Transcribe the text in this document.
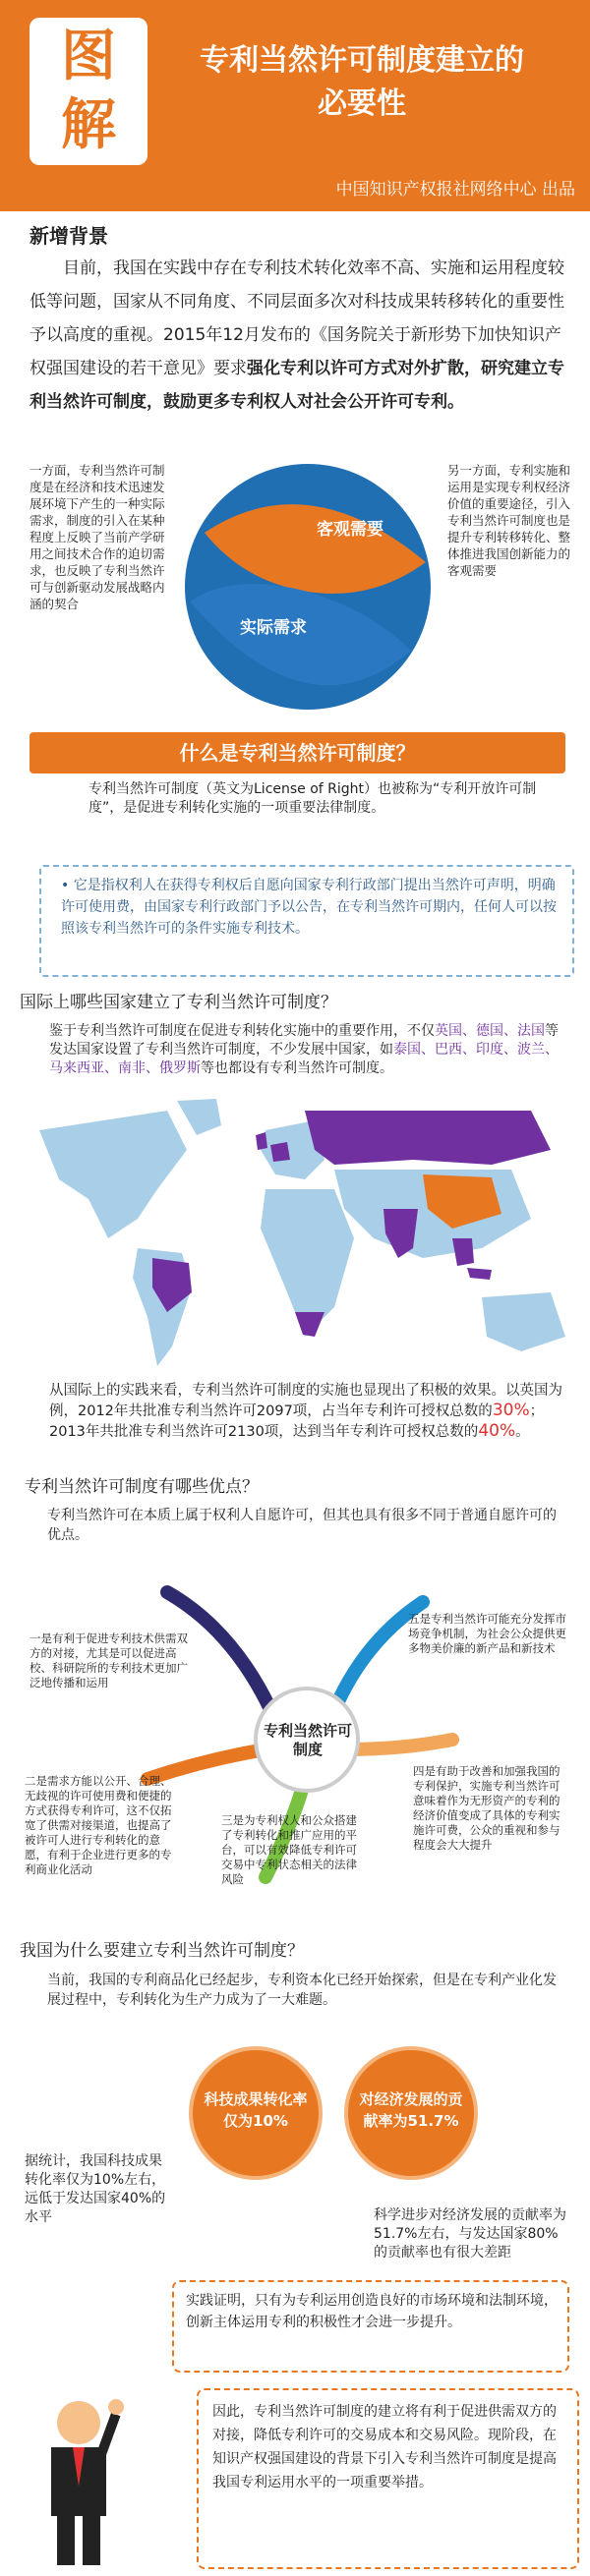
图
解
专利当然许可制度建立的
必要性
中国知识产权报社网络中心 出品
新增背景
目前，我国在实践中存在专利技术转化效率不高、实施和运用程度较低等问题，国家从不同角度、不同层面多次对科技成果转移转化的重要性予以高度的重视。2015年12月发布的《国务院关于新形势下加快知识产权强国建设的若干意见》要求强化专利以许可方式对外扩散，研究建立专利当然许可制度，鼓励更多专利权人对社会公开许可专利。
一方面，专利当然许可制度是在经济和技术迅速发展环境下产生的一种实际需求，制度的引入在某种程度上反映了当前产学研用之间技术合作的迫切需求，也反映了专利当然许可与创新驱动发展战略内涵的契合
另一方面，专利实施和运用是实现专利权经济价值的重要途径，引入专利当然许可制度也是提升专利转移转化、整体推进我国创新能力的客观需要
客观需要
实际需求
什么是专利当然许可制度？
专利当然许可制度（英文为License of Right）也被称为“专利开放许可制度”，是促进专利转化实施的一项重要法律制度。
• 它是指权利人在获得专利权后自愿向国家专利行政部门提出当然许可声明，明确许可使用费，由国家专利行政部门予以公告，在专利当然许可期内，任何人可以按照该专利当然许可的条件实施专利技术。
国际上哪些国家建立了专利当然许可制度？
鉴于专利当然许可制度在促进专利转化实施中的重要作用，不仅英国、德国、法国等发达国家设置了专利当然许可制度，不少发展中国家，如泰国、巴西、印度、波兰、马来西亚、南非、俄罗斯等也都设有专利当然许可制度。
从国际上的实践来看，专利当然许可制度的实施也显现出了积极的效果。以英国为例，2012年共批准专利当然许可2097项，占当年专利许可授权总数的30%；2013年共批准专利当然许可2130项，达到当年专利许可授权总数的40%。
专利当然许可制度有哪些优点？
专利当然许可在本质上属于权利人自愿许可，但其也具有很多不同于普通自愿许可的优点。
专利当然许可制度
一是有利于促进专利技术供需双方的对接，尤其是可以促进高校、科研院所的专利技术更加广泛地传播和运用
二是需求方能以公开、合理、无歧视的许可使用费和便捷的方式获得专利许可，这不仅拓宽了供需对接渠道，也提高了被许可人进行专利转化的意愿，有利于企业进行更多的专利商业化活动
三是为专利权人和公众搭建了专利转化和推广应用的平台，可以有效降低专利许可交易中专利状态相关的法律风险
四是有助于改善和加强我国的专利保护，实施专利当然许可意味着作为无形资产的专利的经济价值变成了具体的专利实施许可费，公众的重视和参与程度会大大提升
五是专利当然许可能充分发挥市场竞争机制，为社会公众提供更多物美价廉的新产品和新技术
我国为什么要建立专利当然许可制度？
当前，我国的专利商品化已经起步，专利资本化已经开始探索，但是在专利产业化发展过程中，专利转化为生产力成为了一大难题。
科技成果转化率仅为10%
对经济发展的贡献率为51.7%
据统计，我国科技成果转化率仅为10%左右，远低于发达国家40%的水平	科学进步对经济发展的贡献率为51.7%左右，与发达国家80%的贡献率也有很大差距
实践证明，只有为专利运用创造良好的市场环境和法制环境，创新主体运用专利的积极性才会进一步提升。
因此，专利当然许可制度的建立将有利于促进供需双方的对接，降低专利许可的交易成本和交易风险。现阶段，在知识产权强国建设的背景下引入专利当然许可制度是提高我国专利运用水平的一项重要举措。
